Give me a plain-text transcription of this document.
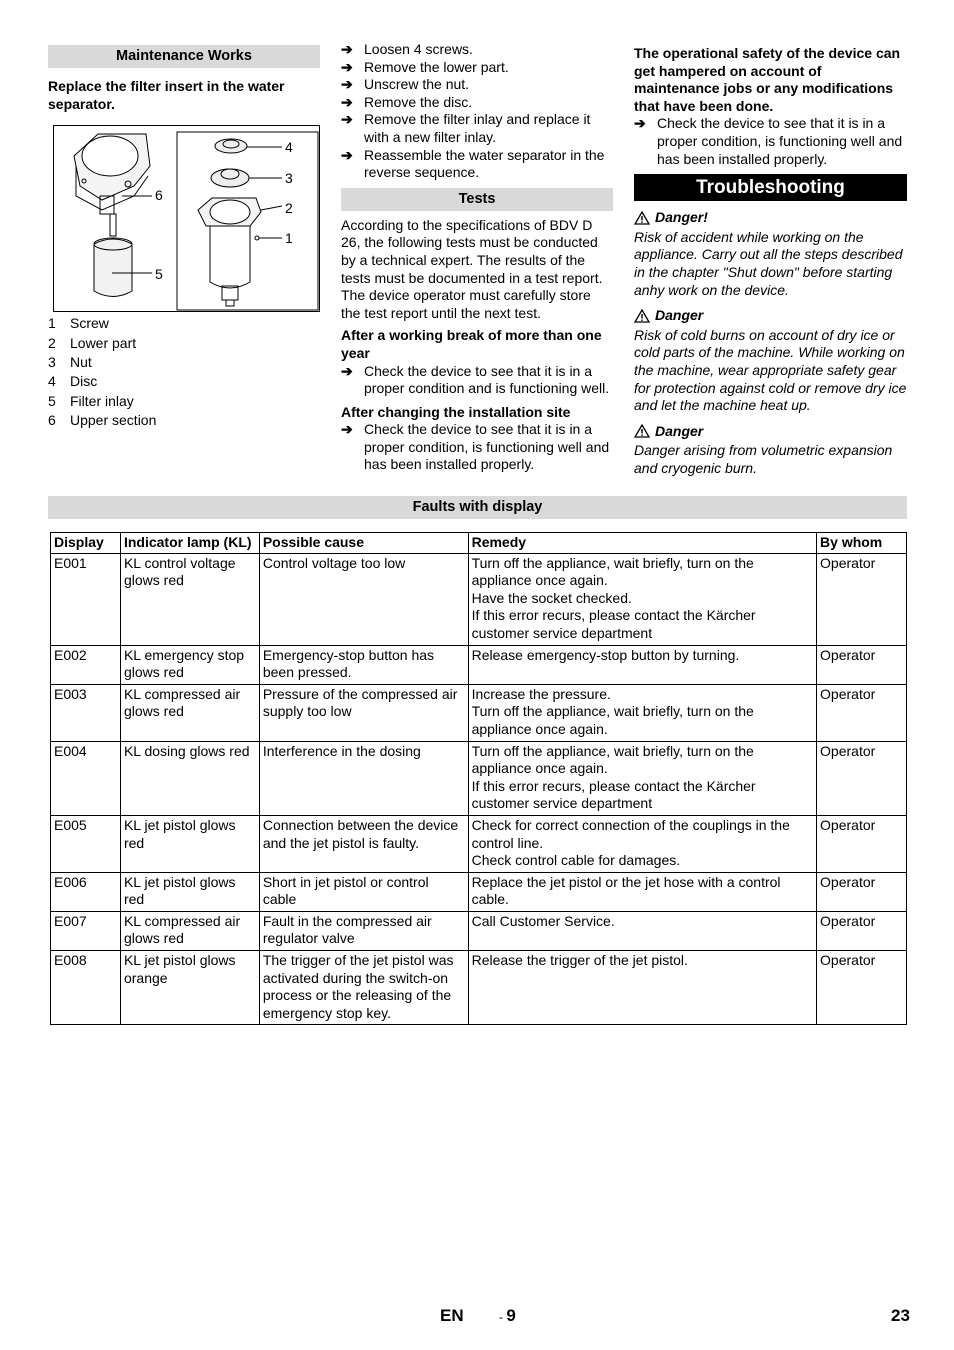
Maintenance Works

Replace the filter insert in the water separator.

4
3
2
1
6
5
1 Screw
2 Lower part
3 Nut
4 Disc
5 Filter inlay
6 Upper section
➔ Loosen 4 screws.
➔ Remove the lower part.
➔ Unscrew the nut.
➔ Remove the disc.
➔ Remove the filter inlay and replace it with a new filter inlay.
➔ Reassemble the water separator in the reverse sequence.
Tests

According to the specifications of BDV D 26, the following tests must be conducted by a technical expert. The results of the tests must be documented in a test report. The device operator must carefully store the test report until the next test.

After a working break of more than one year

➔ Check the device to see that it is in a proper condition and is functioning well.

After changing the installation site

➔ Check the device to see that it is in a proper condition, is functioning well and has been installed properly.

The operational safety of the device can get hampered on account of maintenance jobs or any modifications that have been done.

➔ Check the device to see that it is in a proper condition, is functioning well and has been installed properly.
Troubleshooting
Danger!

Risk of accident while working on the appliance. Carry out all the steps described in the chapter "Shut down" before starting anhy work on the device.

Danger

Risk of cold burns on account of dry ice or cold parts of the machine. While working on the machine, wear appropriate safety gear for protection against cold or remove dry ice and let the machine heat up.

Danger

Danger arising from volumetric expansion and cryogenic burn.

Faults with display
Display	Indicator lamp (KL)	Possible cause	Remedy	By whom
E001	KL control voltage glows red	Control voltage too low	Turn off the appliance, wait briefly, turn on the appliance once again.
Have the socket checked.
If this error recurs, please contact the Kärcher customer service department	Operator
E002	KL emergency stop glows red	Emergency-stop button has been pressed.	Release emergency-stop button by turning.	Operator
E003	KL compressed air glows red	Pressure of the compressed air supply too low	Increase the pressure.
Turn off the appliance, wait briefly, turn on the appliance once again.	Operator
E004	KL dosing glows red	Interference in the dosing	Turn off the appliance, wait briefly, turn on the appliance once again.
If this error recurs, please contact the Kärcher customer service department	Operator
E005	KL jet pistol glows red	Connection between the device and the jet pistol is faulty.	Check for correct connection of the couplings in the control line.
Check control cable for damages.	Operator
E006	KL jet pistol glows red	Short in jet pistol or control cable	Replace the jet pistol or the jet hose with a control cable.	Operator
E007	KL compressed air glows red	Fault in the compressed air regulator valve	Call Customer Service.	Operator
E008	KL jet pistol glows orange	The trigger of the jet pistol was activated during the switch-on process or the releasing of the emergency stop key.	Release the trigger of the jet pistol.	Operator
EN	- 9	23
